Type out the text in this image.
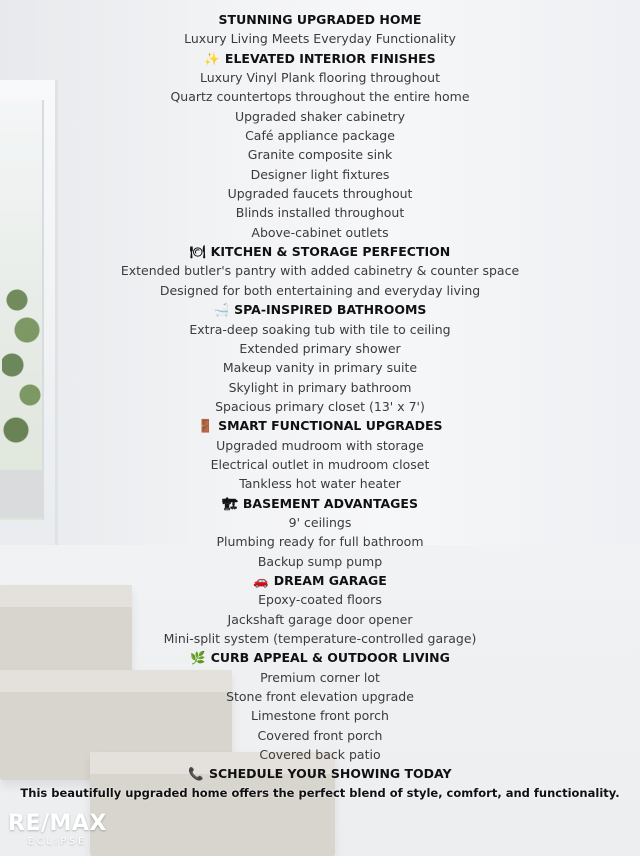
STUNNING UPGRADED HOME
Luxury Living Meets Everyday Functionality
✨ ELEVATED INTERIOR FINISHES
Luxury Vinyl Plank flooring throughout
Quartz countertops throughout the entire home
Upgraded shaker cabinetry
Café appliance package
Granite composite sink
Designer light fixtures
Upgraded faucets throughout
Blinds installed throughout
Above-cabinet outlets
🍽 KITCHEN & STORAGE PERFECTION
Extended butler's pantry with added cabinetry & counter space
Designed for both entertaining and everyday living
🛁 SPA-INSPIRED BATHROOMS
Extra-deep soaking tub with tile to ceiling
Extended primary shower
Makeup vanity in primary suite
Skylight in primary bathroom
Spacious primary closet (13' x 7')
🚪 SMART FUNCTIONAL UPGRADES
Upgraded mudroom with storage
Electrical outlet in mudroom closet
Tankless hot water heater
🏗 BASEMENT ADVANTAGES
9' ceilings
Plumbing ready for full bathroom
Backup sump pump
🚗 DREAM GARAGE
Epoxy-coated floors
Jackshaft garage door opener
Mini-split system (temperature-controlled garage)
🌿 CURB APPEAL & OUTDOOR LIVING
Premium corner lot
Stone front elevation upgrade
Limestone front porch
Covered front porch
Covered back patio
📞 SCHEDULE YOUR SHOWING TODAY
This beautifully upgraded home offers the perfect blend of style, comfort, and functionality.
RE/MAX
ECLIPSE
